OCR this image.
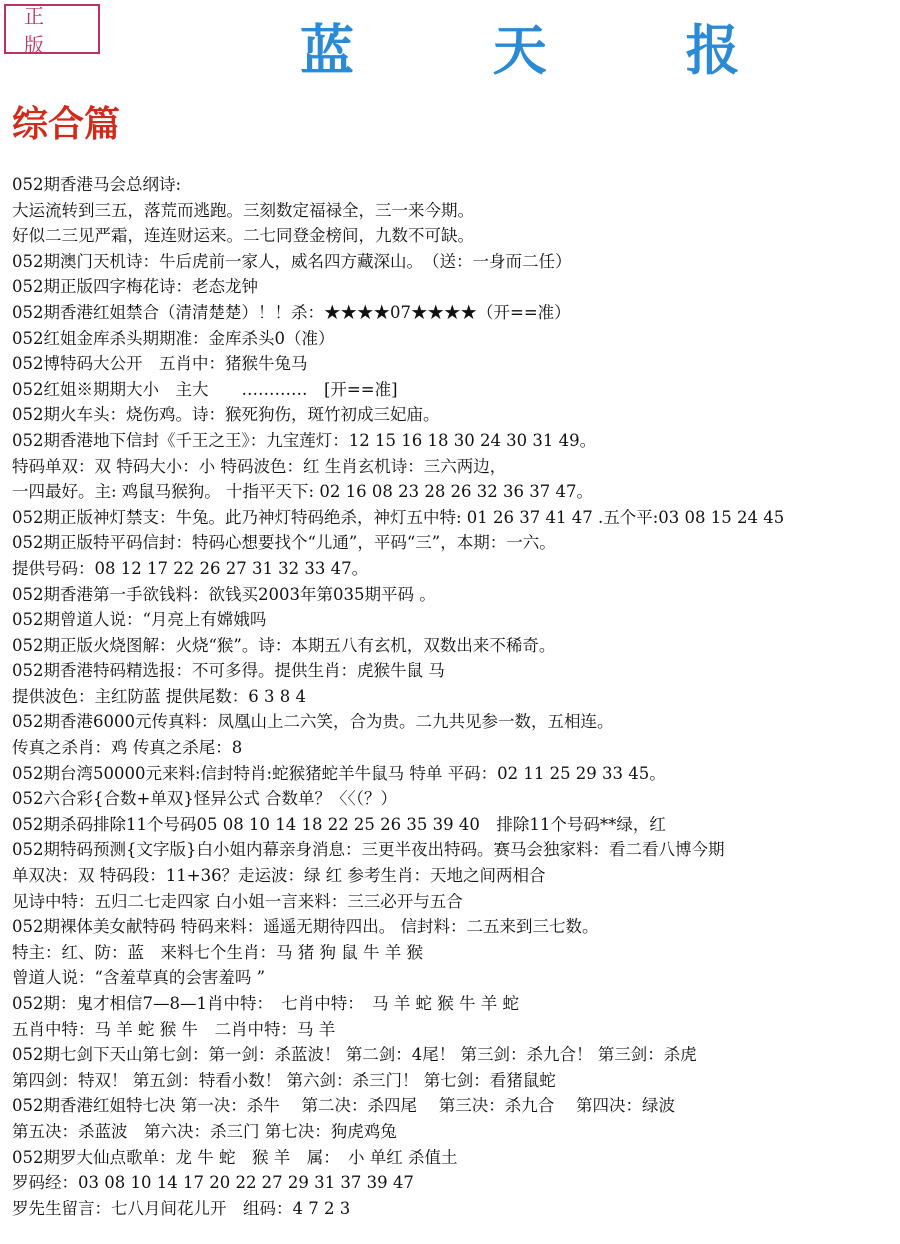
正 版	蓝 天 报
综合篇
052期香港马会总纲诗:
大运流转到三五，落荒而逃跑。三刻数定福禄全，三一来今期。
好似二三见严霜，连连财运来。二七同登金榜间，九数不可缺。
052期澳门天机诗：牛后虎前一家人，威名四方藏深山。　（送：一身而二任）
052期正版四字梅花诗：老态龙钟
052期香港红姐禁合（清清楚楚）！！杀：★★★★07★★★★（开==准）
052红姐金库杀头期期准：金库杀头0（准）
052博特码大公开　五肖中：猪猴牛兔马
052红姐※期期大小　主大　　…………　[开==准]
052期火车头：烧伤鸡。诗：猴死狗伤，斑竹初成三妃庙。
052期香港地下信封《千王之王》：九宝莲灯：12 15 16 18 30 24 30 31 49。
特码单双：双 特码大小：小 特码波色：红 生肖玄机诗：三六两边，
一四最好。主: 鸡鼠马猴狗。 十指平天下: 02 16 08 23 28 26 32 36 37 47。
052期正版神灯禁支：牛兔。此乃神灯特码绝杀，神灯五中特: 01 26 37 41 47 .五个平:03 08 15 24 45
052期正版特平码信封：特码心想要找个“儿通”，平码“三”，本期：一六。
提供号码：08 12 17 22 26 27 31 32 33 47。
052期香港第一手欲钱料：欲钱买2003年第035期平码 。
052期曾道人说：“月亮上有嫦娥吗
052期正版火烧图解：火烧“猴”。诗：本期五八有玄机，双数出来不稀奇。
052期香港特码精选报：不可多得。提供生肖：虎猴牛鼠 马
提供波色：主红防蓝 提供尾数：6 3 8 4
052期香港6000元传真料：凤凰山上二六笑，合为贵。二九共见参一数，五相连。
传真之杀肖：鸡 传真之杀尾：8
052期台湾50000元来料:信封特肖:蛇猴猪蛇羊牛鼠马 特单 平码：02 11 25 29 33 45。
052六合彩{合数+单双}怪异公式 合数单？〈〈（？）
052期杀码排除11个号码05 08 10 14 18 22 25 26 35 39 40　排除11个号码**绿，红
052期特码预测{文字版}白小姐内幕亲身消息：三更半夜出特码。赛马会独家料：看二看八博今期
单双决：双 特码段：11+36？走运波：绿 红 参考生肖：天地之间两相合
见诗中特：五归二七走四家 白小姐一言来料：三三必开与五合
052期裸体美女献特码 特码来料：遥遥无期待四出。 信封料：二五来到三七数。
特主：红、防：蓝　来料七个生肖：马 猪 狗 鼠 牛 羊 猴
曾道人说：“含羞草真的会害羞吗 ”
052期：鬼才相信7—8—1肖中特：　七肖中特：　马 羊 蛇 猴 牛 羊 蛇
五肖中特：马 羊 蛇 猴 牛　二肖中特：马 羊
052期七剑下天山第七剑：第一剑：杀蓝波！ 第二剑：4尾！ 第三剑：杀九合！ 第三剑：杀虎
第四剑：特双！ 第五剑：特看小数！ 第六剑：杀三门！ 第七剑：看猪鼠蛇
052期香港红姐特七决 第一决：杀牛　 第二决：杀四尾　 第三决：杀九合　 第四决：绿波
第五决：杀蓝波　第六决：杀三门 第七决：狗虎鸡兔
052期罗大仙点歌单：龙 牛 蛇　猴 羊　属：　小 单红 杀值土
罗码经：03 08 10 14 17 20 22 27 29 31 37 39 47
罗先生留言：七八月间花儿开　组码：4 7 2 3
